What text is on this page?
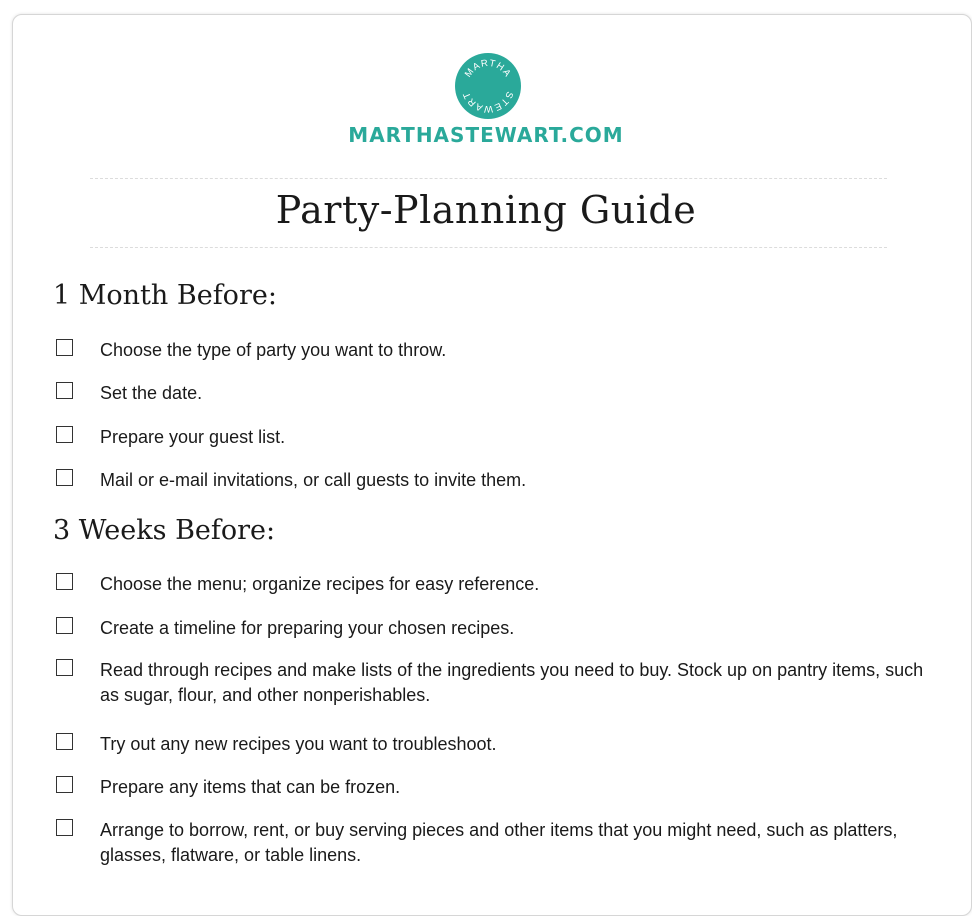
MARTHA
STEWART
MARTHASTEWART.COM
Party-Planning Guide
1 Month Before:
Choose the type of party you want to throw.
Set the date.
Prepare your guest list.
Mail or e-mail invitations, or call guests to invite them.
3 Weeks Before:
Choose the menu; organize recipes for easy reference.
Create a timeline for preparing your chosen recipes.
Read through recipes and make lists of the ingredients you need to buy. Stock up on pantry items, such as sugar, flour, and other nonperishables.
Try out any new recipes you want to troubleshoot.
Prepare any items that can be frozen.
Arrange to borrow, rent, or buy serving pieces and other items that you might need, such as platters, glasses, flatware, or table linens.
